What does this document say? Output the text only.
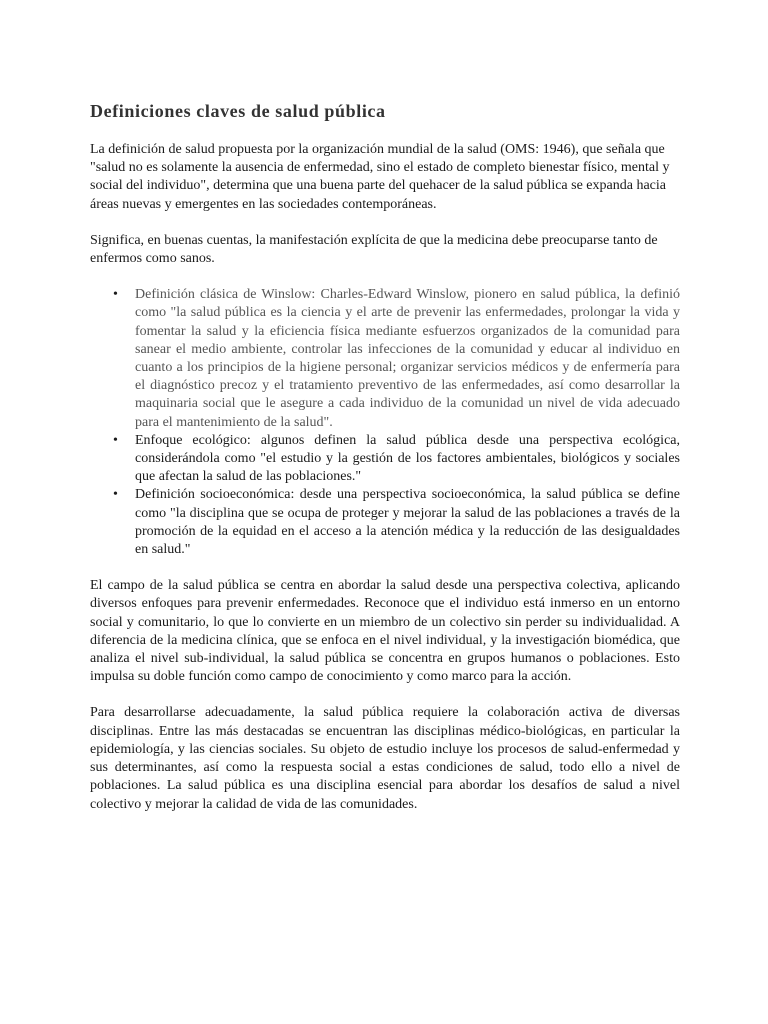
Definiciones claves de salud pública

La definición de salud propuesta por la organización mundial de la salud (OMS: 1946), que señala que "salud no es solamente la ausencia de enfermedad, sino el estado de completo bienestar físico, mental y social del individuo", determina que una buena parte del quehacer de la salud pública se expanda hacia áreas nuevas y emergentes en las sociedades contemporáneas.

Significa, en buenas cuentas, la manifestación explícita de que la medicina debe preocuparse tanto de enfermos como sanos.

• Definición clásica de Winslow: Charles-Edward Winslow, pionero en salud pública, la definió como "la salud pública es la ciencia y el arte de prevenir las enfermedades, prolongar la vida y fomentar la salud y la eficiencia física mediante esfuerzos organizados de la comunidad para sanear el medio ambiente, controlar las infecciones de la comunidad y educar al individuo en cuanto a los principios de la higiene personal; organizar servicios médicos y de enfermería para el diagnóstico precoz y el tratamiento preventivo de las enfermedades, así como desarrollar la maquinaria social que le asegure a cada individuo de la comunidad un nivel de vida adecuado para el mantenimiento de la salud".
• Enfoque ecológico: algunos definen la salud pública desde una perspectiva ecológica, considerándola como "el estudio y la gestión de los factores ambientales, biológicos y sociales que afectan la salud de las poblaciones."
• Definición socioeconómica: desde una perspectiva socioeconómica, la salud pública se define como "la disciplina que se ocupa de proteger y mejorar la salud de las poblaciones a través de la promoción de la equidad en el acceso a la atención médica y la reducción de las desigualdades en salud."

El campo de la salud pública se centra en abordar la salud desde una perspectiva colectiva, aplicando diversos enfoques para prevenir enfermedades. Reconoce que el individuo está inmerso en un entorno social y comunitario, lo que lo convierte en un miembro de un colectivo sin perder su individualidad. A diferencia de la medicina clínica, que se enfoca en el nivel individual, y la investigación biomédica, que analiza el nivel sub-individual, la salud pública se concentra en grupos humanos o poblaciones. Esto impulsa su doble función como campo de conocimiento y como marco para la acción.

Para desarrollarse adecuadamente, la salud pública requiere la colaboración activa de diversas disciplinas. Entre las más destacadas se encuentran las disciplinas médico-biológicas, en particular la epidemiología, y las ciencias sociales. Su objeto de estudio incluye los procesos de salud-enfermedad y sus determinantes, así como la respuesta social a estas condiciones de salud, todo ello a nivel de poblaciones. La salud pública es una disciplina esencial para abordar los desafíos de salud a nivel colectivo y mejorar la calidad de vida de las comunidades.
